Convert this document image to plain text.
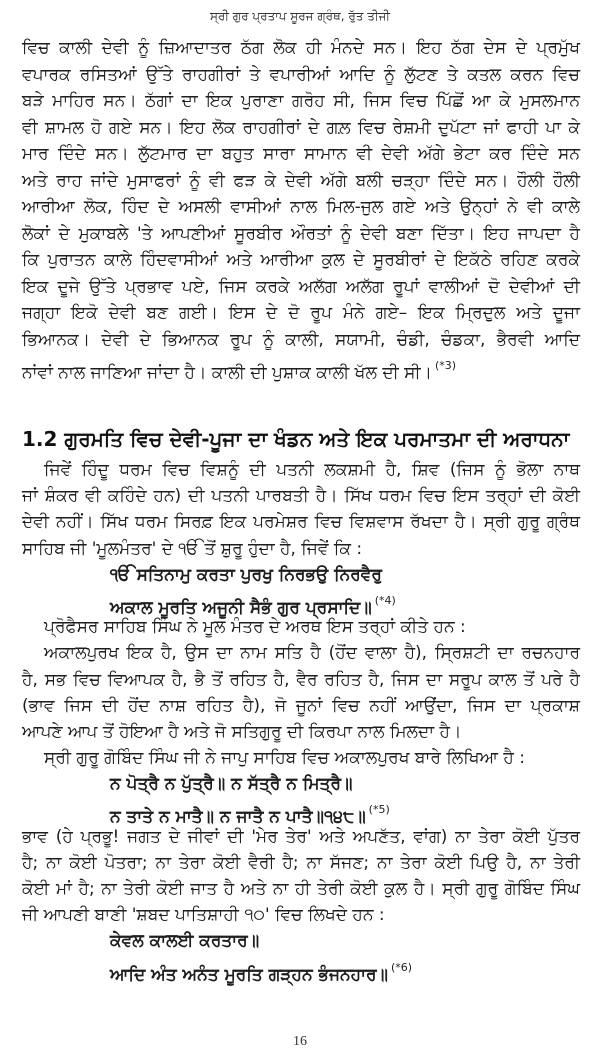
ਸ੍ਰੀ ਗੁਰ ਪ੍ਰਤਾਪ ਸੂਰਜ ਗ੍ਰੰਥ, ਰੁੱਤ ਤੀਜੀ
ਵਿਚ ਕਾਲੀ ਦੇਵੀ ਨੂੰ ਜ਼ਿਆਦਾਤਰ ਠੱਗ ਲੋਕ ਹੀ ਮੰਨਦੇ ਸਨ। ਇਹ ਠੱਗ ਦੇਸ ਦੇ ਪ੍ਰਮੁੱਖ
ਵਪਾਰਕ ਰਸਿਤਆਂ ਉੱਤੇ ਰਾਹਗੀਰਾਂ ਤੇ ਵਪਾਰੀਆਂ ਆਦਿ ਨੂੰ ਲੁੱਟਣ ਤੇ ਕਤਲ ਕਰਨ ਵਿਚ
ਬੜੇ ਮਾਹਿਰ ਸਨ। ਠੱਗਾਂ ਦਾ ਇਕ ਪੁਰਾਣਾ ਗਰੋਹ ਸੀ, ਜਿਸ ਵਿਚ ਪਿੱਛੋਂ ਆ ਕੇ ਮੁਸਲਮਾਨ
ਵੀ ਸ਼ਾਮਲ ਹੋ ਗਏ ਸਨ। ਇਹ ਲੋਕ ਰਾਹਗੀਰਾਂ ਦੇ ਗਲ਼ ਵਿਚ ਰੇਸ਼ਮੀ ਦੁਪੱਟਾ ਜਾਂ ਫਾਹੀ ਪਾ ਕੇ
ਮਾਰ ਦਿੰਦੇ ਸਨ। ਲੁੱਟਮਾਰ ਦਾ ਬਹੁਤ ਸਾਰਾ ਸਾਮਾਨ ਵੀ ਦੇਵੀ ਅੱਗੇ ਭੇਟਾ ਕਰ ਦਿੰਦੇ ਸਨ
ਅਤੇ ਰਾਹ ਜਾਂਦੇ ਮੁਸਾਫਰਾਂ ਨੂੰ ਵੀ ਫੜ ਕੇ ਦੇਵੀ ਅੱਗੇ ਬਲੀ ਚੜ੍ਹਾ ਦਿੰਦੇ ਸਨ। ਹੌਲੀ ਹੌਲੀ
ਆਰੀਆ ਲੋਕ, ਹਿੰਦ ਦੇ ਅਸਲੀ ਵਾਸੀਆਂ ਨਾਲ ਮਿਲ-ਜੁਲ ਗਏ ਅਤੇ ਉਨ੍ਹਾਂ ਨੇ ਵੀ ਕਾਲੇ
ਲੋਕਾਂ ਦੇ ਮੁਕਾਬਲੇ 'ਤੇ ਆਪਣੀਆਂ ਸੂਰਬੀਰ ਔਰਤਾਂ ਨੂੰ ਦੇਵੀ ਬਣਾ ਦਿੱਤਾ। ਇਹ ਜਾਪਦਾ ਹੈ
ਕਿ ਪੁਰਾਤਨ ਕਾਲੇ ਹਿੰਦਵਾਸੀਆਂ ਅਤੇ ਆਰੀਆ ਕੁਲ ਦੇ ਸੂਰਬੀਰਾਂ ਦੇ ਇਕੱਠੇ ਰਹਿਣ ਕਰਕੇ
ਇਕ ਦੂਜੇ ਉੱਤੇ ਪ੍ਰਭਾਵ ਪਏ, ਜਿਸ ਕਰਕੇ ਅਲੱਗ ਅਲੱਗ ਰੂਪਾਂ ਵਾਲੀਆਂ ਦੋ ਦੇਵੀਆਂ ਦੀ
ਜਗ੍ਹਾ ਇਕੋ ਦੇਵੀ ਬਣ ਗਈ। ਇਸ ਦੇ ਦੋ ਰੂਪ ਮੰਨੇ ਗਏ– ਇਕ ਮ੍ਰਿਦੁਲ ਅਤੇ ਦੂਜਾ
ਭਿਆਨਕ। ਦੇਵੀ ਦੇ ਭਿਆਨਕ ਰੂਪ ਨੂੰ ਕਾਲੀ, ਸਯਾਮੀ, ਚੰਡੀ, ਚੰਡਕਾ, ਭੈਰਵੀ ਆਦਿ
ਨਾਂਵਾਂ ਨਾਲ ਜਾਣਿਆ ਜਾਂਦਾ ਹੈ। ਕਾਲੀ ਦੀ ਪੁਸ਼ਾਕ ਕਾਲੀ ਖੱਲ ਦੀ ਸੀ। $^{(*3)}$
1.2 ਗੁਰਮਤਿ ਵਿਚ ਦੇਵੀ-ਪੂਜਾ ਦਾ ਖੰਡਨ ਅਤੇ ਇਕ ਪਰਮਾਤਮਾ ਦੀ ਅਰਾਧਨਾ
ਜਿਵੇਂ ਹਿੰਦੂ ਧਰਮ ਵਿਚ ਵਿਸ਼ਨੂੰ ਦੀ ਪਤਨੀ ਲਕਸ਼ਮੀ ਹੈ, ਸ਼ਿਵ (ਜਿਸ ਨੂੰ ਭੋਲਾ ਨਾਥ
ਜਾਂ ਸ਼ੰਕਰ ਵੀ ਕਹਿੰਦੇ ਹਨ) ਦੀ ਪਤਨੀ ਪਾਰਬਤੀ ਹੈ। ਸਿੱਖ ਧਰਮ ਵਿਚ ਇਸ ਤਰ੍ਹਾਂ ਦੀ ਕੋਈ
ਦੇਵੀ ਨਹੀਂ। ਸਿੱਖ ਧਰਮ ਸਿਰਫ਼ ਇਕ ਪਰਮੇਸ਼ਰ ਵਿਚ ਵਿਸ਼ਵਾਸ ਰੱਖਦਾ ਹੈ। ਸ੍ਰੀ ਗੁਰੂ ਗ੍ਰੰਥ
ਸਾਹਿਬ ਜੀ 'ਮੂਲਮੰਤਰ' ਦੇ ੴ ਤੋਂ ਸ਼ੁਰੂ ਹੁੰਦਾ ਹੈ, ਜਿਵੇਂ ਕਿ :
ੴ ਸਤਿਨਾਮੁ ਕਰਤਾ ਪੁਰਖੁ ਨਿਰਭਉ ਨਿਰਵੈਰੁ
ਅਕਾਲ ਮੂਰਤਿ ਅਜੂਨੀ ਸੈਭੰ ਗੁਰ ਪ੍ਰਸਾਦਿ॥ $^{(*4)}$
ਪ੍ਰੋਫੈਸਰ ਸਾਹਿਬ ਸਿੰਘ ਨੇ ਮੂਲ ਮੰਤਰ ਦੇ ਅਰਥ ਇਸ ਤਰ੍ਹਾਂ ਕੀਤੇ ਹਨ :
ਅਕਾਲਪੁਰਖ ਇਕ ਹੈ, ਉਸ ਦਾ ਨਾਮ ਸਤਿ ਹੈ (ਹੋਂਦ ਵਾਲਾ ਹੈ), ਸ੍ਰਿਸ਼ਟੀ ਦਾ ਰਚਨਹਾਰ
ਹੈ, ਸਭ ਵਿਚ ਵਿਆਪਕ ਹੈ, ਭੈ ਤੋਂ ਰਹਿਤ ਹੈ, ਵੈਰ ਰਹਿਤ ਹੈ, ਜਿਸ ਦਾ ਸਰੂਪ ਕਾਲ ਤੋਂ ਪਰੇ ਹੈ
(ਭਾਵ ਜਿਸ ਦੀ ਹੋਂਦ ਨਾਸ਼ ਰਹਿਤ ਹੈ), ਜੋ ਜੂਨਾਂ ਵਿਚ ਨਹੀਂ ਆਉਂਦਾ, ਜਿਸ ਦਾ ਪ੍ਰਕਾਸ਼
ਆਪਣੇ ਆਪ ਤੋਂ ਹੋਇਆ ਹੈ ਅਤੇ ਜੋ ਸਤਿਗੁਰੂ ਦੀ ਕਿਰਪਾ ਨਾਲ ਮਿਲਦਾ ਹੈ।
ਸ੍ਰੀ ਗੁਰੂ ਗੋਬਿੰਦ ਸਿੰਘ ਜੀ ਨੇ ਜਾਪੁ ਸਾਹਿਬ ਵਿਚ ਅਕਾਲਪੁਰਖ ਬਾਰੇ ਲਿਖਿਆ ਹੈ :
ਨ ਪੋਤ੍ਰੈ ਨ ਪੁੱਤ੍ਰੈ॥ ਨ ਸੱਤ੍ਰੈ ਨ ਮਿਤ੍ਰੈ॥
ਨ ਤਾਤੇ ਨ ਮਾਤੈ॥ ਨ ਜਾਤੈ ਨ ਪਾਤੈ॥੧੪੮॥ $^{(*5)}$
ਭਾਵ (ਹੇ ਪ੍ਰਭੂ! ਜਗਤ ਦੇ ਜੀਵਾਂ ਦੀ 'ਮੇਰ ਤੇਰ' ਅਤੇ ਅਪਣੱਤ, ਵਾਂਗ) ਨਾ ਤੇਰਾ ਕੋਈ ਪੁੱਤਰ
ਹੈ; ਨਾ ਕੋਈ ਪੋਤਰਾ; ਨਾ ਤੇਰਾ ਕੋਈ ਵੈਰੀ ਹੈ; ਨਾ ਸੱਜਣ; ਨਾ ਤੇਰਾ ਕੋਈ ਪਿਉ ਹੈ, ਨਾ ਤੇਰੀ
ਕੋਈ ਮਾਂ ਹੈ; ਨਾ ਤੇਰੀ ਕੋਈ ਜਾਤ ਹੈ ਅਤੇ ਨਾ ਹੀ ਤੇਰੀ ਕੋਈ ਕੁਲ ਹੈ। ਸ੍ਰੀ ਗੁਰੂ ਗੋਬਿੰਦ ਸਿੰਘ
ਜੀ ਆਪਣੀ ਬਾਣੀ 'ਸ਼ਬਦ ਪਾਤਿਸ਼ਾਹੀ ੧੦' ਵਿਚ ਲਿਖਦੇ ਹਨ :
ਕੇਵਲ ਕਾਲਈ ਕਰਤਾਰ॥
ਆਦਿ ਅੰਤ ਅਨੰਤ ਮੂਰਤਿ ਗੜ੍ਹਨ ਭੰਜਨਹਾਰ॥ $^{(*6)}$
16
